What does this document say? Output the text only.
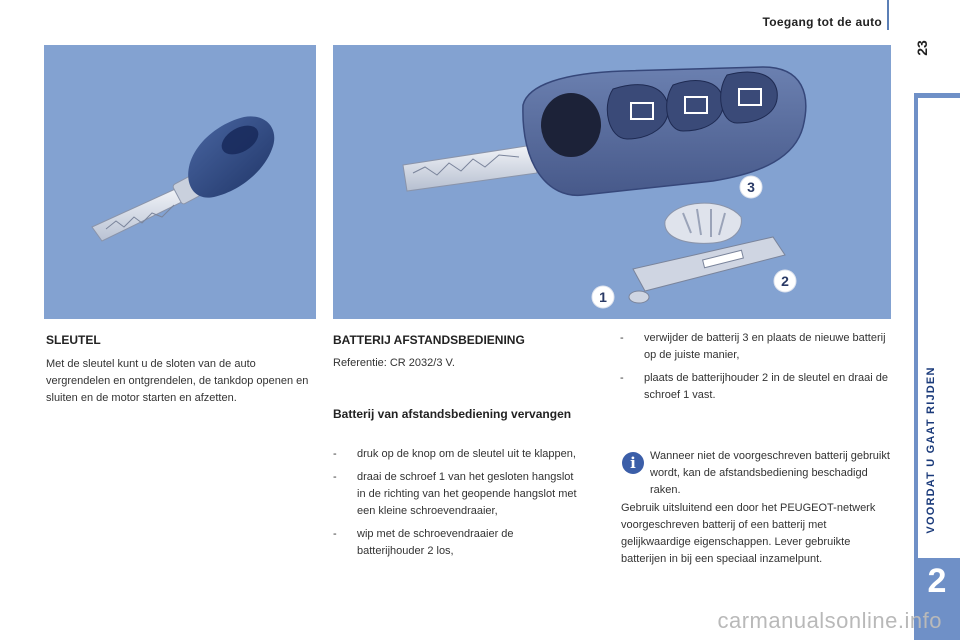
Toegang tot de auto
23
VOORDAT U GAAT RIJDEN
2
3
2
1
SLEUTEL
Met de sleutel kunt u de sloten van de auto vergrendelen en ontgrendelen, de tankdop openen en sluiten en de motor starten en afzetten.
BATTERIJ AFSTANDSBEDIENING
Referentie: CR 2032/3 V.
Batterij van afstandsbediening vervangen
- druk op de knop om de sleutel uit te klappen,
- draai de schroef 1 van het gesloten hangslot in de richting van het geopende hangslot met een kleine schroevendraaier,
- wip met de schroevendraaier de batterijhouder 2 los,
- verwijder de batterij 3 en plaats de nieuwe batterij op de juiste manier,
- plaats de batterijhouder 2 in de sleutel en draai de schroef 1 vast.
i	Wanneer niet de voorgeschreven batterij gebruikt wordt, kan de afstandsbediening beschadigd raken.
Gebruik uitsluitend een door het PEUGEOT-netwerk voorgeschreven batterij of een batterij met gelijkwaardige eigenschappen. Lever gebruikte batterijen in bij een speciaal inzamelpunt.
carmanualsonline.info
